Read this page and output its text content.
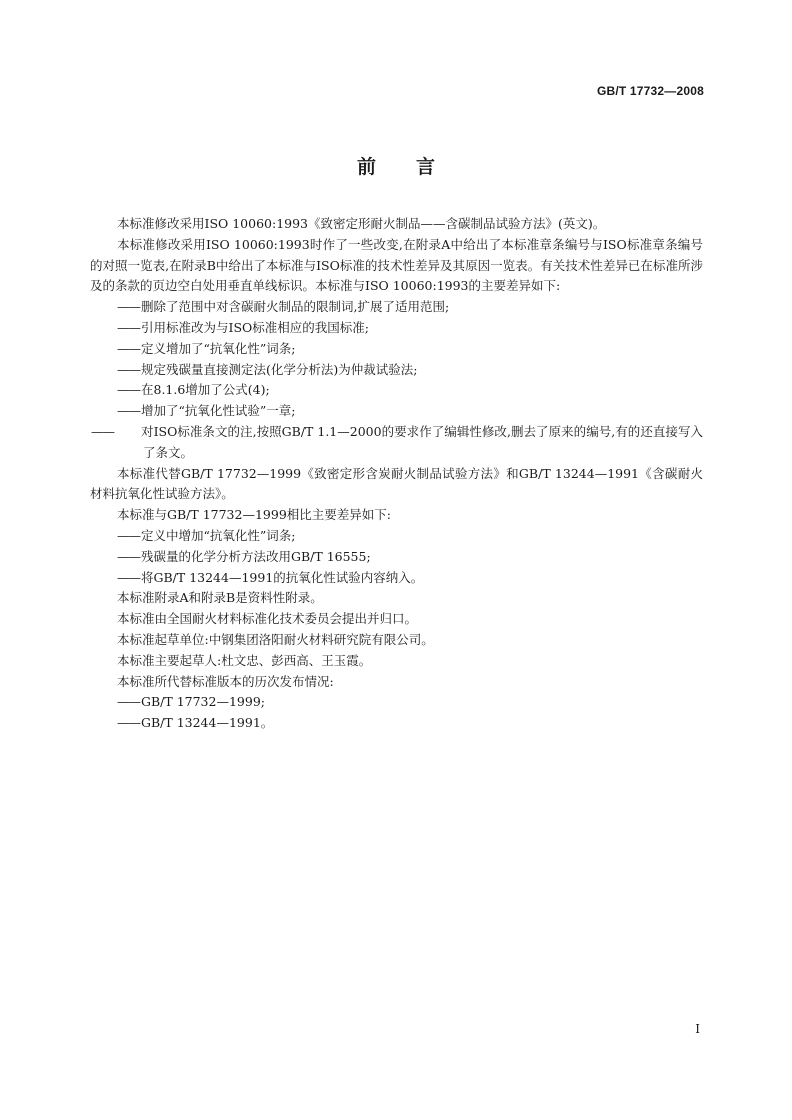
GB/T 17732—2008
前 言
本标准修改采用ISO 10060:1993《致密定形耐火制品——含碳制品试验方法》(英文)。
本标准修改采用ISO 10060:1993时作了一些改变,在附录A中给出了本标准章条编号与ISO标准章条编号的对照一览表,在附录B中给出了本标准与ISO标准的技术性差异及其原因一览表。有关技术性差异已在标准所涉及的条款的页边空白处用垂直单线标识。本标准与ISO 10060:1993的主要差异如下:
——删除了范围中对含碳耐火制品的限制词,扩展了适用范围;
——引用标准改为与ISO标准相应的我国标准;
——定义增加了“抗氧化性”词条;
——规定残碳量直接测定法(化学分析法)为仲裁试验法;
——在8.1.6增加了公式(4);
——增加了“抗氧化性试验”一章;
—— 对ISO标准条文的注,按照GB/T 1.1—2000的要求作了编辑性修改,删去了原来的编号,有的还直接写入了条文。
本标准代替GB/T 17732—1999《致密定形含炭耐火制品试验方法》和GB/T 13244—1991《含碳耐火材料抗氧化性试验方法》。
本标准与GB/T 17732—1999相比主要差异如下:
——定义中增加“抗氧化性”词条;
——残碳量的化学分析方法改用GB/T 16555;
——将GB/T 13244—1991的抗氧化性试验内容纳入。
本标准附录A和附录B是资料性附录。
本标准由全国耐火材料标准化技术委员会提出并归口。
本标准起草单位:中钢集团洛阳耐火材料研究院有限公司。
本标准主要起草人:杜文忠、彭西高、王玉霞。
本标准所代替标准版本的历次发布情况:
——GB/T 17732—1999;
——GB/T 13244—1991。
I
